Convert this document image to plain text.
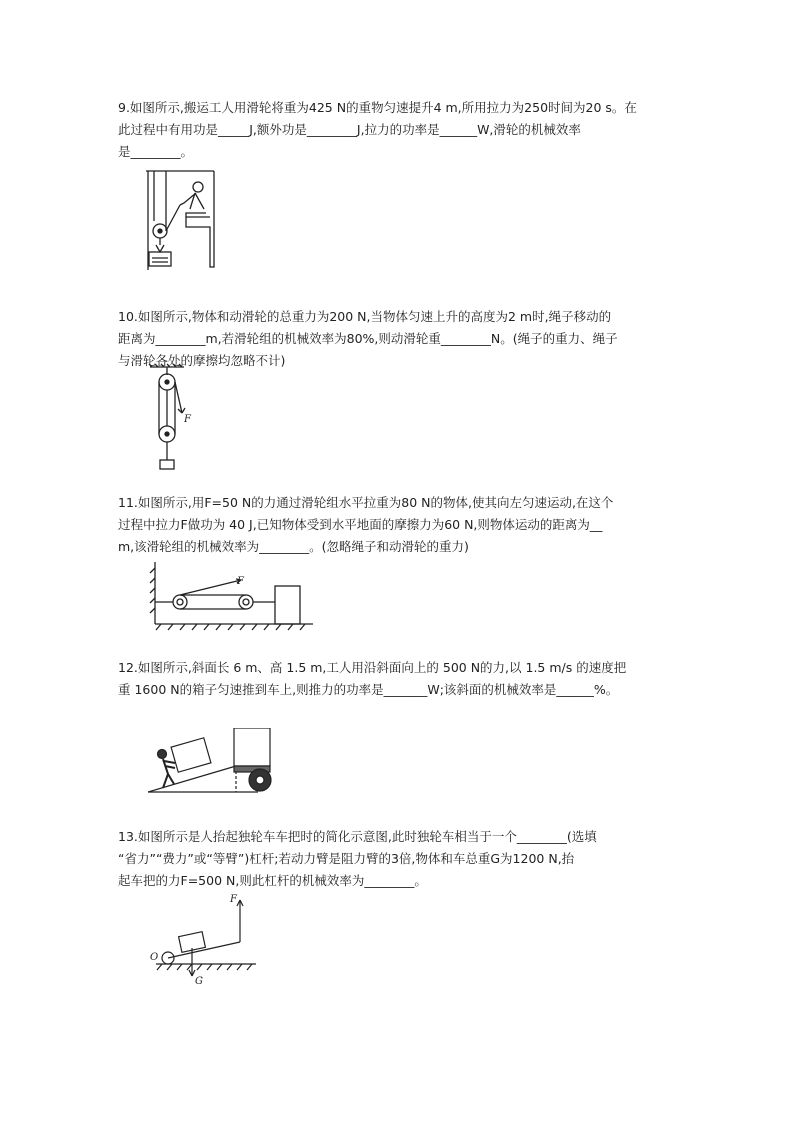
9.如图所示,搬运工人用滑轮将重为425 N的重物匀速提升4 m,所用拉力为250时间为20 s。在

此过程中有用功是_____J,额外功是________J,拉力的功率是______W,滑轮的机械效率

是________。

10.如图所示,物体和动滑轮的总重力为200 N,当物体匀速上升的高度为2 m时,绳子移动的

距离为________m,若滑轮组的机械效率为80%,则动滑轮重________N。(绳子的重力、绳子

与滑轮各处的摩擦均忽略不计)

F

11.如图所示,用F=50 N的力通过滑轮组水平拉重为80 N的物体,使其向左匀速运动,在这个

过程中拉力F做功为 40 J,已知物体受到水平地面的摩擦力为60 N,则物体运动的距离为__

m,该滑轮组的机械效率为________。(忽略绳子和动滑轮的重力)

F

12.如图所示,斜面长 6 m、高 1.5 m,工人用沿斜面向上的 500 N的力,以 1.5 m/s 的速度把

重 1600 N的箱子匀速推到车上,则推力的功率是_______W;该斜面的机械效率是______%。

13.如图所示是人抬起独轮车车把时的简化示意图,此时独轮车相当于一个________(选填

“省力”“费力”或“等臂”)杠杆;若动力臂是阻力臂的3倍,物体和车总重G为1200 N,抬

起车把的力F=500 N,则此杠杆的机械效率为________。

F
O
G
